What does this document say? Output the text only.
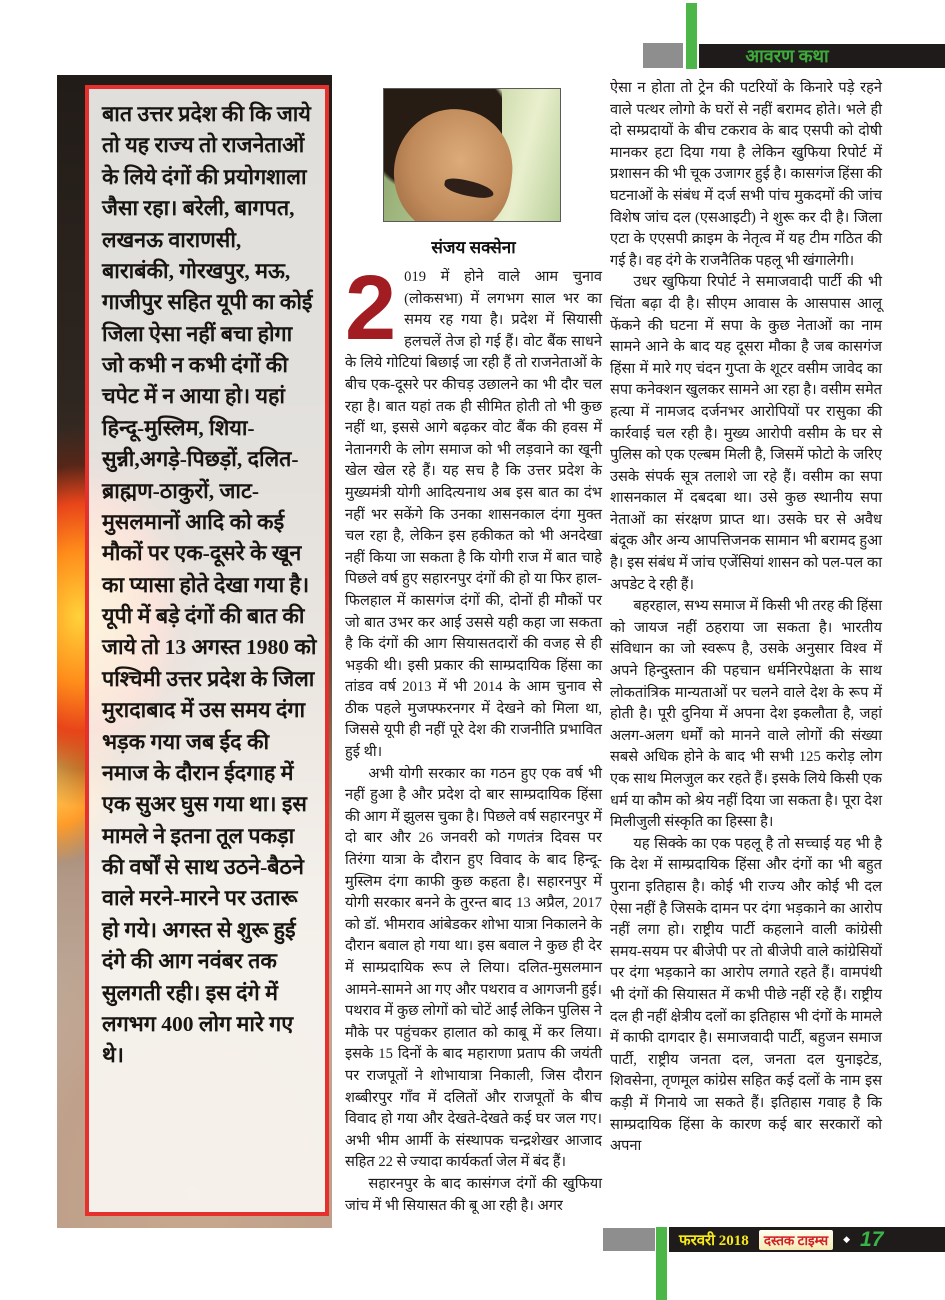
आवरण कथा

बात उत्तर प्रदेश की कि जाये तो यह राज्य तो राजनेताओं के लिये दंगों की प्रयोगशाला जैसा रहा। बरेली, बागपत, लखनऊ वाराणसी, बाराबंकी, गोरखपुर, मऊ, गाजीपुर सहित यूपी का कोई जिला ऐसा नहीं बचा होगा जो कभी न कभी दंगों की चपेट में न आया हो। यहां हिन्दू-मुस्लिम, शिया-सुन्नी,अगड़े-पिछड़ों, दलित-ब्राह्मण-ठाकुरों, जाट-मुसलमानों आदि को कई मौकों पर एक-दूसरे के खून का प्यासा होते देखा गया है। यूपी में बड़े दंगों की बात की जाये तो 13 अगस्त 1980 को पश्चिमी उत्तर प्रदेश के जिला मुरादाबाद में उस समय दंगा भड़क गया जब ईद की नमाज के दौरान ईदगाह में एक सुअर घुस गया था। इस मामले ने इतना तूल पकड़ा की वर्षों से साथ उठने-बैठने वाले मरने-मारने पर उतारू हो गये। अगस्त से शुरू हुई दंगे की आग नवंबर तक सुलगती रही। इस दंगे में लगभग 400 लोग मारे गए थे।

संजय सक्सेना

2 019 में होने वाले आम चुनाव (लोकसभा) में लगभग साल भर का समय रह गया है। प्रदेश में सियासी हलचलें तेज हो गई हैं। वोट बैंक साधने के लिये गोटियां बिछाई जा रही हैं तो राजनेताओं के बीच एक-दूसरे पर कीचड़ उछालने का भी दौर चल रहा है। बात यहां तक ही सीमित होती तो भी कुछ नहीं था, इससे आगे बढ़कर वोट बैंक की हवस में नेतानगरी के लोग समाज को भी लड़वाने का खूनी खेल खेल रहे हैं। यह सच है कि उत्तर प्रदेश के मुख्यमंत्री योगी आदित्यनाथ अब इस बात का दंभ नहीं भर सकेंगे कि उनका शासनकाल दंगा मुक्त चल रहा है, लेकिन इस हकीकत को भी अनदेखा नहीं किया जा सकता है कि योगी राज में बात चाहे पिछले वर्ष हुए सहारनपुर दंगों की हो या फिर हाल-फिलहाल में कासगंज दंगों की, दोनों ही मौकों पर जो बात उभर कर आई उससे यही कहा जा सकता है कि दंगों की आग सियासतदारों की वजह से ही भड़की थी। इसी प्रकार की साम्प्रदायिक हिंसा का तांडव वर्ष 2013 में भी 2014 के आम चुनाव से ठीक पहले मुजफ्फरनगर में देखने को मिला था, जिससे यूपी ही नहीं पूरे देश की राजनीति प्रभावित हुई थी।

अभी योगी सरकार का गठन हुए एक वर्ष भी नहीं हुआ है और प्रदेश दो बार साम्प्रदायिक हिंसा की आग में झुलस चुका है। पिछले वर्ष सहारनपुर में दो बार और 26 जनवरी को गणतंत्र दिवस पर तिरंगा यात्रा के दौरान हुए विवाद के बाद हिन्दू-मुस्लिम दंगा काफी कुछ कहता है। सहारनपुर में योगी सरकार बनने के तुरन्त बाद 13 अप्रैल, 2017 को डॉ. भीमराव आंबेडकर शोभा यात्रा निकालने के दौरान बवाल हो गया था। इस बवाल ने कुछ ही देर में साम्प्रदायिक रूप ले लिया। दलित-मुसलमान आमने-सामने आ गए और पथराव व आगजनी हुई।पथराव में कुछ लोगों को चोटें आईं लेकिन पुलिस ने मौके पर पहुंचकर हालात को काबू में कर लिया। इसके 15 दिनों के बाद महाराणा प्रताप की जयंती पर राजपूतों ने शोभायात्रा निकाली, जिस दौरान शब्बीरपुर गाँव में दलितों और राजपूतों के बीच विवाद हो गया और देखते-देखते कई घर जल गए। अभी भीम आर्मी के संस्थापक चन्द्रशेखर आजाद सहित 22 से ज्यादा कार्यकर्ता जेल में बंद हैं।

सहारनपुर के बाद कासंगज दंगों की खुफिया जांच में भी सियासत की बू आ रही है। अगर

ऐसा न होता तो ट्रेन की पटरियों के किनारे पड़े रहने वाले पत्थर लोगो के घरों से नहीं बरामद होते। भले ही दो सम्प्रदायों के बीच टकराव के बाद एसपी को दोषी मानकर हटा दिया गया है लेकिन खुफिया रिपोर्ट में प्रशासन की भी चूक उजागर हुई है। कासगंज हिंसा की घटनाओं के संबंध में दर्ज सभी पांच मुकदमों की जांच विशेष जांच दल (एसआइटी) ने शुरू कर दी है। जिला एटा के एएसपी क्राइम के नेतृत्व में यह टीम गठित की गई है। वह दंगे के राजनैतिक पहलू भी खंगालेगी।

उधर खुफिया रिपोर्ट ने समाजवादी पार्टी की भी चिंता बढ़ा दी है। सीएम आवास के आसपास आलू फेंकने की घटना में सपा के कुछ नेताओं का नाम सामने आने के बाद यह दूसरा मौका है जब कासगंज हिंसा में मारे गए चंदन गुप्ता के शूटर वसीम जावेद का सपा कनेक्शन खुलकर सामने आ रहा है। वसीम समेत हत्या में नामजद दर्जनभर आरोपियों पर रासुका की कार्रवाई चल रही है। मुख्य आरोपी वसीम के घर से पुलिस को एक एल्बम मिली है, जिसमें फोटो के जरिए उसके संपर्क सूत्र तलाशे जा रहे हैं। वसीम का सपा शासनकाल में दबदबा था। उसे कुछ स्थानीय सपा नेताओं का संरक्षण प्राप्त था। उसके घर से अवैध बंदूक और अन्य आपत्तिजनक सामान भी बरामद हुआ है। इस संबंध में जांच एजेंसियां शासन को पल-पल का अपडेट दे रही हैं।

बहरहाल, सभ्य समाज में किसी भी तरह की हिंसा को जायज नहीं ठहराया जा सकता है। भारतीय संविधान का जो स्वरूप है, उसके अनुसार विश्व में अपने हिन्दुस्तान की पहचान धर्मनिरपेक्षता के साथ लोकतांत्रिक मान्यताओं पर चलने वाले देश के रूप में होती है। पूरी दुनिया में अपना देश इकलौता है, जहां अलग-अलग धर्मों को मानने वाले लोगों की संख्या सबसे अधिक होने के बाद भी सभी 125 करोड़ लोग एक साथ मिलजुल कर रहते हैं। इसके लिये किसी एक धर्म या कौम को श्रेय नहीं दिया जा सकता है। पूरा देश मिलीजुली संस्कृति का हिस्सा है।

यह सिक्के का एक पहलू है तो सच्चाई यह भी है कि देश में साम्प्रदायिक हिंसा और दंगों का भी बहुत पुराना इतिहास है। कोई भी राज्य और कोई भी दल ऐसा नहीं है जिसके दामन पर दंगा भड़काने का आरोप नहीं लगा हो। राष्ट्रीय पार्टी कहलाने वाली कांग्रेसी समय-सयम पर बीजेपी पर तो बीजेपी वाले कांग्रेसियों पर दंगा भड़काने का आरोप लगाते रहते हैं। वामपंथी भी दंगों की सियासत में कभी पीछे नहीं रहे हैं। राष्ट्रीय दल ही नहीं क्षेत्रीय दलों का इतिहास भी दंगों के मामले में काफी दागदार है। समाजवादी पार्टी, बहुजन समाज पार्टी, राष्ट्रीय जनता दल, जनता दल युनाइटेड, शिवसेना, तृणमूल कांग्रेस सहित कई दलों के नाम इस कड़ी में गिनाये जा सकते हैं। इतिहास गवाह है कि साम्प्रदायिक हिंसा के कारण कई बार सरकारों को अपना

फरवरी 2018	दस्तक टाइम्स	◆ 17
